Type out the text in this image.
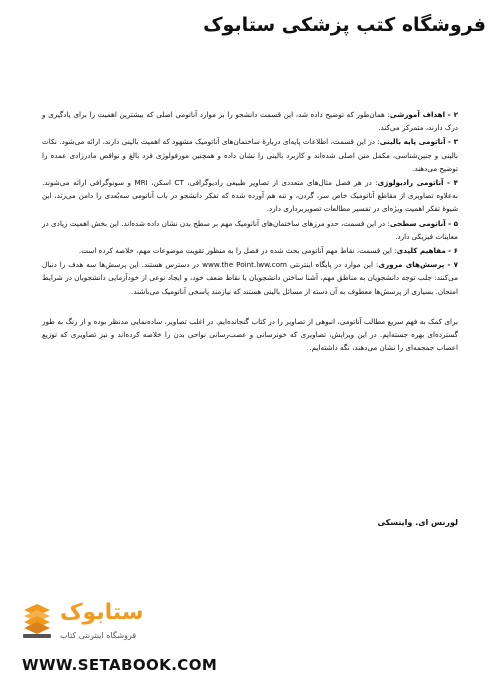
فروشگاه کتب پزشکی ستابوک

۲ - اهداف آموزشی: همان‌طور که توضیح داده شد، این قسمت دانشجو را بر موارد آناتومی اصلی که بیشترین اهمیت را برای یادگیری و درک دارند، متمرکز می‌کند.

۳ - آناتومی پایه بالینی: در این قسمت، اطلاعات پایه‌ای دربارهٔ ساختمان‌های آناتومیک مشهود که اهمیت بالینی دارند، ارائه می‌شود. نکات بالینی و جنین‌شناسی، مکمل متن اصلی شده‌اند و کاربرد بالینی را نشان داده و همچنین مورفولوژی فرد بالغ و نواقص مادرزادی عمده را توضیح می‌دهند.

۴ - آناتومی رادیولوژی: در هر فصل مثال‌های متعددی از تصاویر طبیعی رادیوگرافی، CT اسکن، MRI و سونوگرافی ارائه می‌شوند. به‌علاوه تصاویری از مقاطع آناتومیک خاص سر، گردن، و تنه هم آورده شده که تفکر دانشجو در باب آناتومی سه‌بُعدی را دامن می‌زند، این شیوهٔ تفکر اهمیت ویژه‌ای در تفسیر مطالعات تصویربرداری دارد.

۵ - آناتومی سطحی: در این قسمت، حدو مرزهای ساختمان‌های آناتومیک مهم بر سطح بدن نشان داده شده‌اند. این بخش اهمیت زیادی در معاینات فیزیکی دارد.

۶ - مفاهیم کلیدی: این قسمت، نقاط مهم آناتومی بحث شده در فصل را به منظور تقویت موضوعات مهم، خلاصه کرده است.

۷ - پرسش‌های مروری: این موارد در پایگاه اینترنتی www.the Point.lww.com در دسترس هستند. این پرسش‌ها سه هدف را دنبال می‌کنند: جلب توجه دانشجویان به مناطق مهم، آشنا ساختن دانشجویان با نقاط ضعف خود، و ایجاد نوعی از خودآزمایی دانشجویان در شرایط امتحان. بسیاری از پرسش‌ها معطوف به آن دسته از مسائل بالینی هستند که نیازمند پاسخی آناتومیک می‌باشند.

برای کمک به فهم سریع مطالب آناتومی، انبوهی از تصاویر را در کتاب گنجانده‌ایم. در اغلب تصاویر، ساده‌نمایی مدنظر بوده و از رنگ به طور گسترده‌ای بهره جسته‌ایم. در این ویرایش، تصاویری که خونرسانی و عصب‌رسانی نواحی بدن را خلاصه کرده‌اند و نیز تصاویری که توزیع اعصاب جمجمه‌ای را نشان می‌دهند، نگه داشته‌ایم.

لورنس ای. واینسکی
ستابوک
فروشگاه اینترنتی کتاب
WWW.SETABOOK.COM
